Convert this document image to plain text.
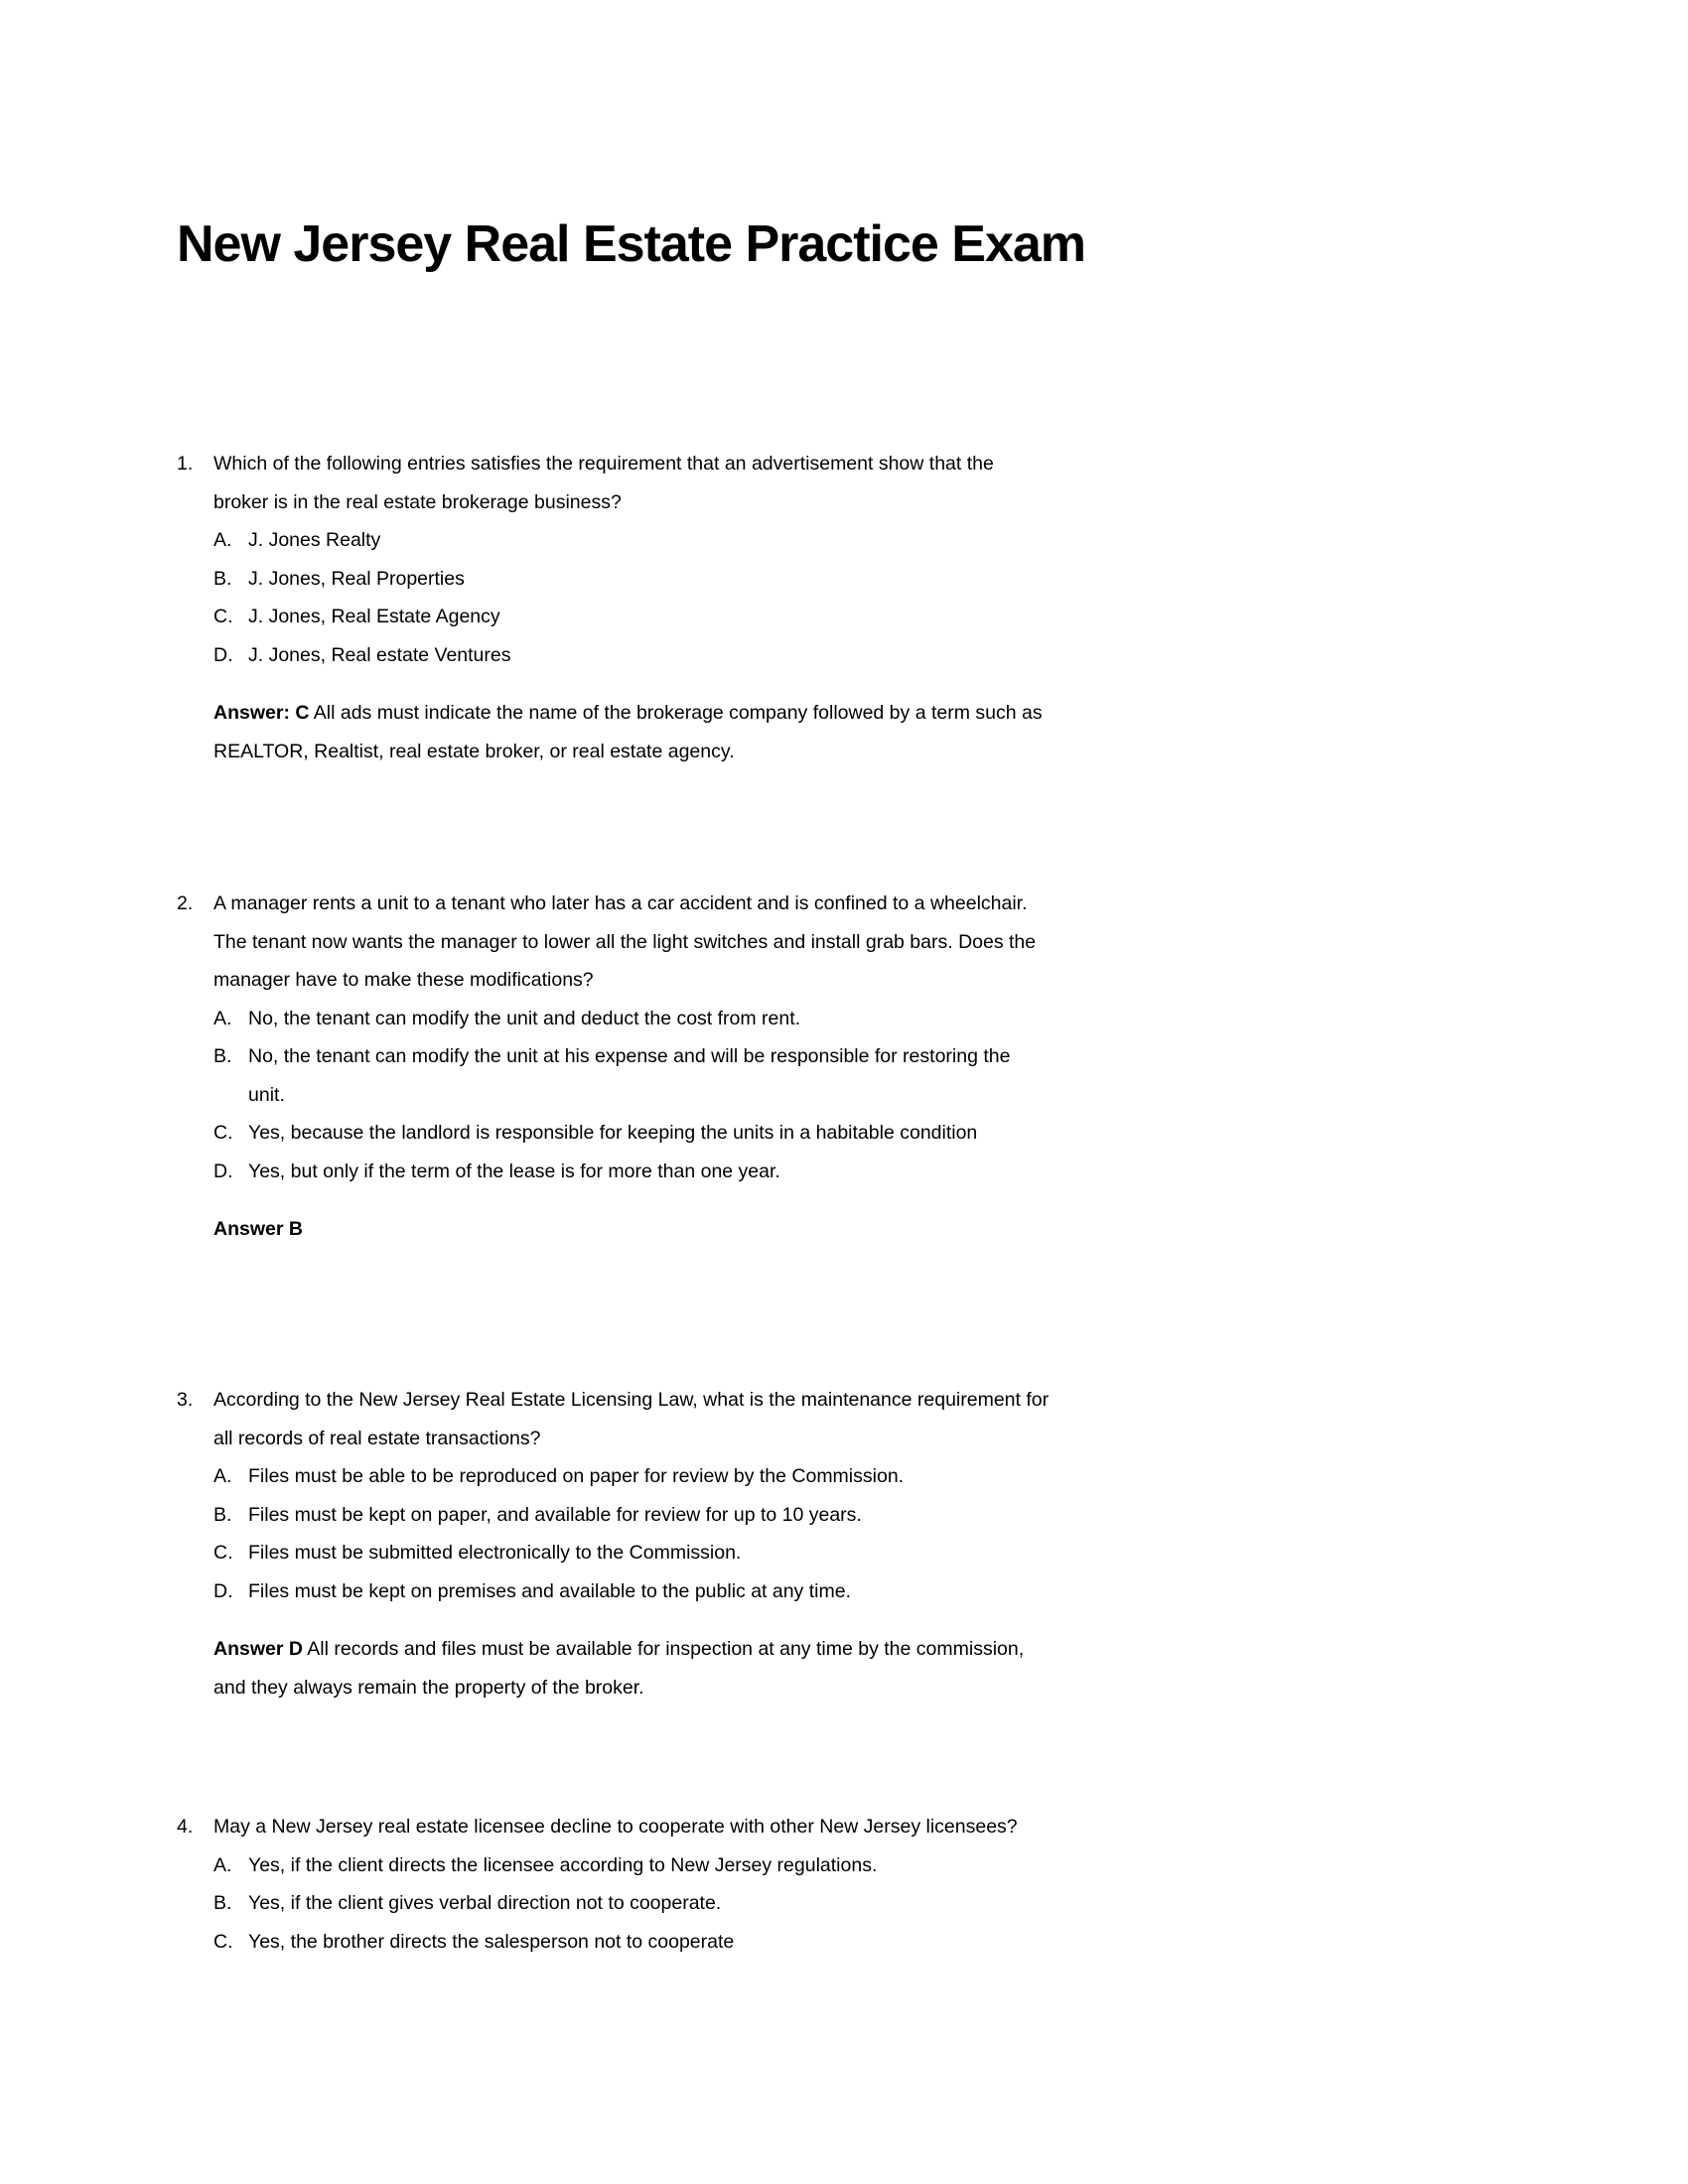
New Jersey Real Estate Practice Exam
1. Which of the following entries satisfies the requirement that an advertisement show that the
broker is in the real estate brokerage business?
A. J. Jones Realty
B. J. Jones, Real Properties
C. J. Jones, Real Estate Agency
D. J. Jones, Real estate Ventures
Answer: C All ads must indicate the name of the brokerage company followed by a term such as
REALTOR, Realtist, real estate broker, or real estate agency.
2. A manager rents a unit to a tenant who later has a car accident and is confined to a wheelchair.
The tenant now wants the manager to lower all the light switches and install grab bars. Does the
manager have to make these modifications?
A. No, the tenant can modify the unit and deduct the cost from rent.
B. No, the tenant can modify the unit at his expense and will be responsible for restoring the
unit.
C. Yes, because the landlord is responsible for keeping the units in a habitable condition
D. Yes, but only if the term of the lease is for more than one year.
Answer B
3. According to the New Jersey Real Estate Licensing Law, what is the maintenance requirement for
all records of real estate transactions?
A. Files must be able to be reproduced on paper for review by the Commission.
B. Files must be kept on paper, and available for review for up to 10 years.
C. Files must be submitted electronically to the Commission.
D. Files must be kept on premises and available to the public at any time.
Answer D All records and files must be available for inspection at any time by the commission,
and they always remain the property of the broker.
4. May a New Jersey real estate licensee decline to cooperate with other New Jersey licensees?
A. Yes, if the client directs the licensee according to New Jersey regulations.
B. Yes, if the client gives verbal direction not to cooperate.
C. Yes, the brother directs the salesperson not to cooperate
